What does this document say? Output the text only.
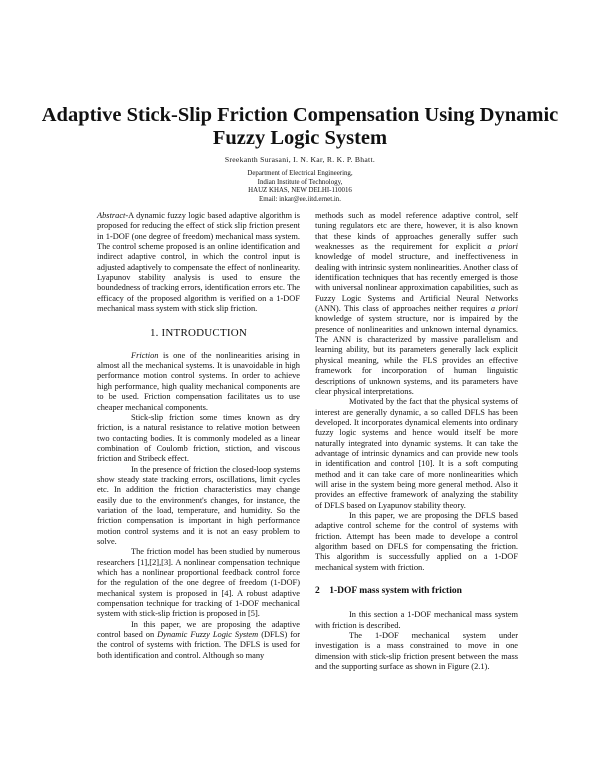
Adaptive Stick-Slip Friction Compensation Using Dynamic Fuzzy Logic System
Sreekanth Surasani, I. N. Kar, R. K. P. Bhatt.
Department of Electrical Engineering,
Indian Institute of Technology,
HAUZ KHAS, NEW DELHI-110016
Email: inkar@ee.iitd.ernet.in.

Abstract-A dynamic fuzzy logic based adaptive algorithm is proposed for reducing the effect of stick slip friction present in 1-DOF (one degree of freedom) mechanical mass system. The control scheme proposed is an online identification and indirect adaptive control, in which the control input is adjusted adaptively to compensate the effect of nonlinearity. Lyapunov stability analysis is used to ensure the boundedness of tracking errors, identification errors etc. The efficacy of the proposed algorithm is verified on a 1-DOF mechanical mass system with stick slip friction.

1. INTRODUCTION

Friction is one of the nonlinearities arising in almost all the mechanical systems. It is unavoidable in high performance motion control systems. In order to achieve high performance, high quality mechanical components are to be used. Friction compensation facilitates us to use cheaper mechanical components.

Stick-slip friction some times known as dry friction, is a natural resistance to relative motion between two contacting bodies. It is commonly modeled as a linear combination of Coulomb friction, stiction, and viscous friction and Stribeck effect.

In the presence of friction the closed-loop systems show steady state tracking errors, oscillations, limit cycles etc. In addition the friction characteristics may change easily due to the environment's changes, for instance, the variation of the load, temperature, and humidity. So the friction compensation is important in high performance motion control systems and it is not an easy problem to solve.

The friction model has been studied by numerous researchers [1],[2],[3]. A nonlinear compensation technique which has a nonlinear proportional feedback control force for the regulation of the one degree of freedom (1-DOF) mechanical system is proposed in [4]. A robust adaptive compensation technique for tracking of 1-DOF mechanical system with stick-slip friction is proposed in [5].

In this paper, we are proposing the adaptive control based on Dynamic Fuzzy Logic System (DFLS) for the control of systems with friction. The DFLS is used for both identification and control. Although so many

methods such as model reference adaptive control, self tuning regulators etc are there, however, it is also known that these kinds of approaches generally suffer such weaknesses as the requirement for explicit a priori knowledge of model structure, and ineffectiveness in dealing with intrinsic system nonlinearities. Another class of identification techniques that has recently emerged is those with universal nonlinear approximation capabilities, such as Fuzzy Logic Systems and Artificial Neural Networks (ANN). This class of approaches neither requires a priori knowledge of system structure, nor is impaired by the presence of nonlinearities and unknown internal dynamics. The ANN is characterized by massive parallelism and learning ability, but its parameters generally lack explicit physical meaning, while the FLS provides an effective framework for incorporation of human linguistic descriptions of unknown systems, and its parameters have clear physical interpretations.

Motivated by the fact that the physical systems of interest are generally dynamic, a so called DFLS has been developed. It incorporates dynamical elements into ordinary fuzzy logic systems and hence would itself be more naturally integrated into dynamic systems. It can take the advantage of intrinsic dynamics and can provide new tools in identification and control [10]. It is a soft computing method and it can take care of more nonlinearities which will arise in the system being more general method. Also it provides an effective framework of analyzing the stability of DFLS based on Lyapunov stability theory.

In this paper, we are proposing the DFLS based adaptive control scheme for the control of systems with friction. Attempt has been made to develope a control algorithm based on DFLS for compensating the friction. This algorithm is successfully applied on a 1-DOF mechanical system with friction.

2    1-DOF mass system with friction

In this section a 1-DOF mechanical mass system with friction is described.

The 1-DOF mechanical system under investigation is a mass constrained to move in one dimension with stick-slip friction present between the mass and the supporting surface as shown in Figure (2.1).
